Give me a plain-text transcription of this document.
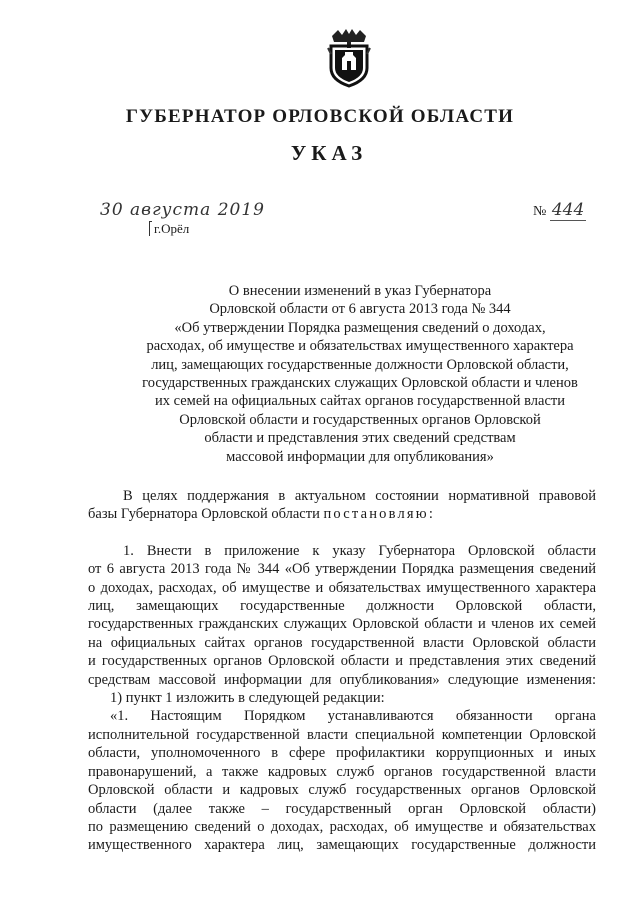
ГУБЕРНАТОР ОРЛОВСКОЙ ОБЛАСТИ
УКАЗ
30 августа 2019	№ 444
г.Орёл

О внесении изменений в указ Губернатора
Орловской области от 6 августа 2013 года № 344
«Об утверждении Порядка размещения сведений о доходах,
расходах, об имуществе и обязательствах имущественного характера
лиц, замещающих государственные должности Орловской области,
государственных гражданских служащих Орловской области и членов
их семей на официальных сайтах органов государственной власти
Орловской области и государственных органов Орловской
области и представления этих сведений средствам
массовой информации для опубликования»

В целях поддержания в актуальном состоянии нормативной правовой
базы Губернатора Орловской области постановляю:
1. Внести в приложение к указу Губернатора Орловской области
от 6 августа 2013 года № 344 «Об утверждении Порядка размещения сведений
о доходах, расходах, об имуществе и обязательствах имущественного характера
лиц, замещающих государственные должности Орловской области,
государственных гражданских служащих Орловской области и членов их семей
на официальных сайтах органов государственной власти Орловской области
и государственных органов Орловской области и представления этих сведений
средствам массовой информации для опубликования» следующие изменения:
1) пункт 1 изложить в следующей редакции:
«1. Настоящим Порядком устанавливаются обязанности органа
исполнительной государственной власти специальной компетенции Орловской
области, уполномоченного в сфере профилактики коррупционных и иных
правонарушений, а также кадровых служб органов государственной власти
Орловской области и кадровых служб государственных органов Орловской
области (далее также – государственный орган Орловской области)
по размещению сведений о доходах, расходах, об имуществе и обязательствах
имущественного характера лиц, замещающих государственные должности
